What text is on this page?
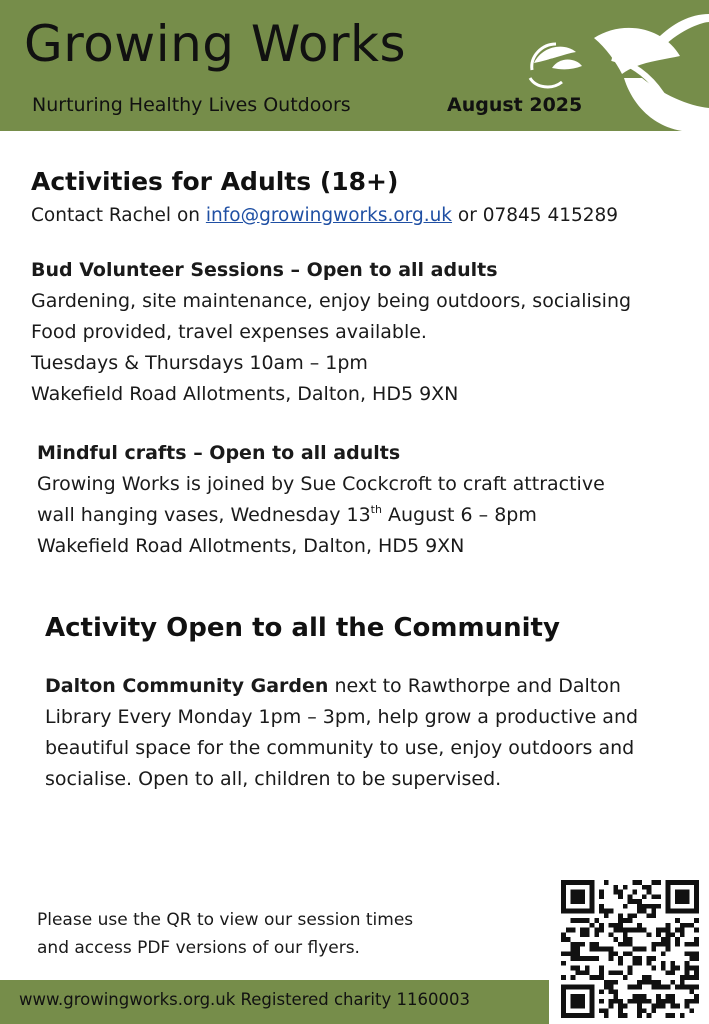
Growing Works
Nurturing Healthy Lives Outdoors	August 2025
Activities for Adults (18+)
Contact Rachel on info@growingworks.org.uk or 07845 415289
Bud Volunteer Sessions – Open to all adults
Gardening, site maintenance, enjoy being outdoors, socialising
Food provided, travel expenses available.
Tuesdays & Thursdays 10am – 1pm
Wakefield Road Allotments, Dalton, HD5 9XN
Mindful crafts – Open to all adults
Growing Works is joined by Sue Cockcroft to craft attractive
wall hanging vases, Wednesday 13th August 6 – 8pm
Wakefield Road Allotments, Dalton, HD5 9XN
Activity Open to all the Community
Dalton Community Garden next to Rawthorpe and Dalton Library Every Monday 1pm – 3pm, help grow a productive and beautiful space for the community to use, enjoy outdoors and socialise. Open to all, children to be supervised.
Please use the QR to view our session times
and access PDF versions of our flyers.
www.growingworks.org.uk Registered charity 1160003
